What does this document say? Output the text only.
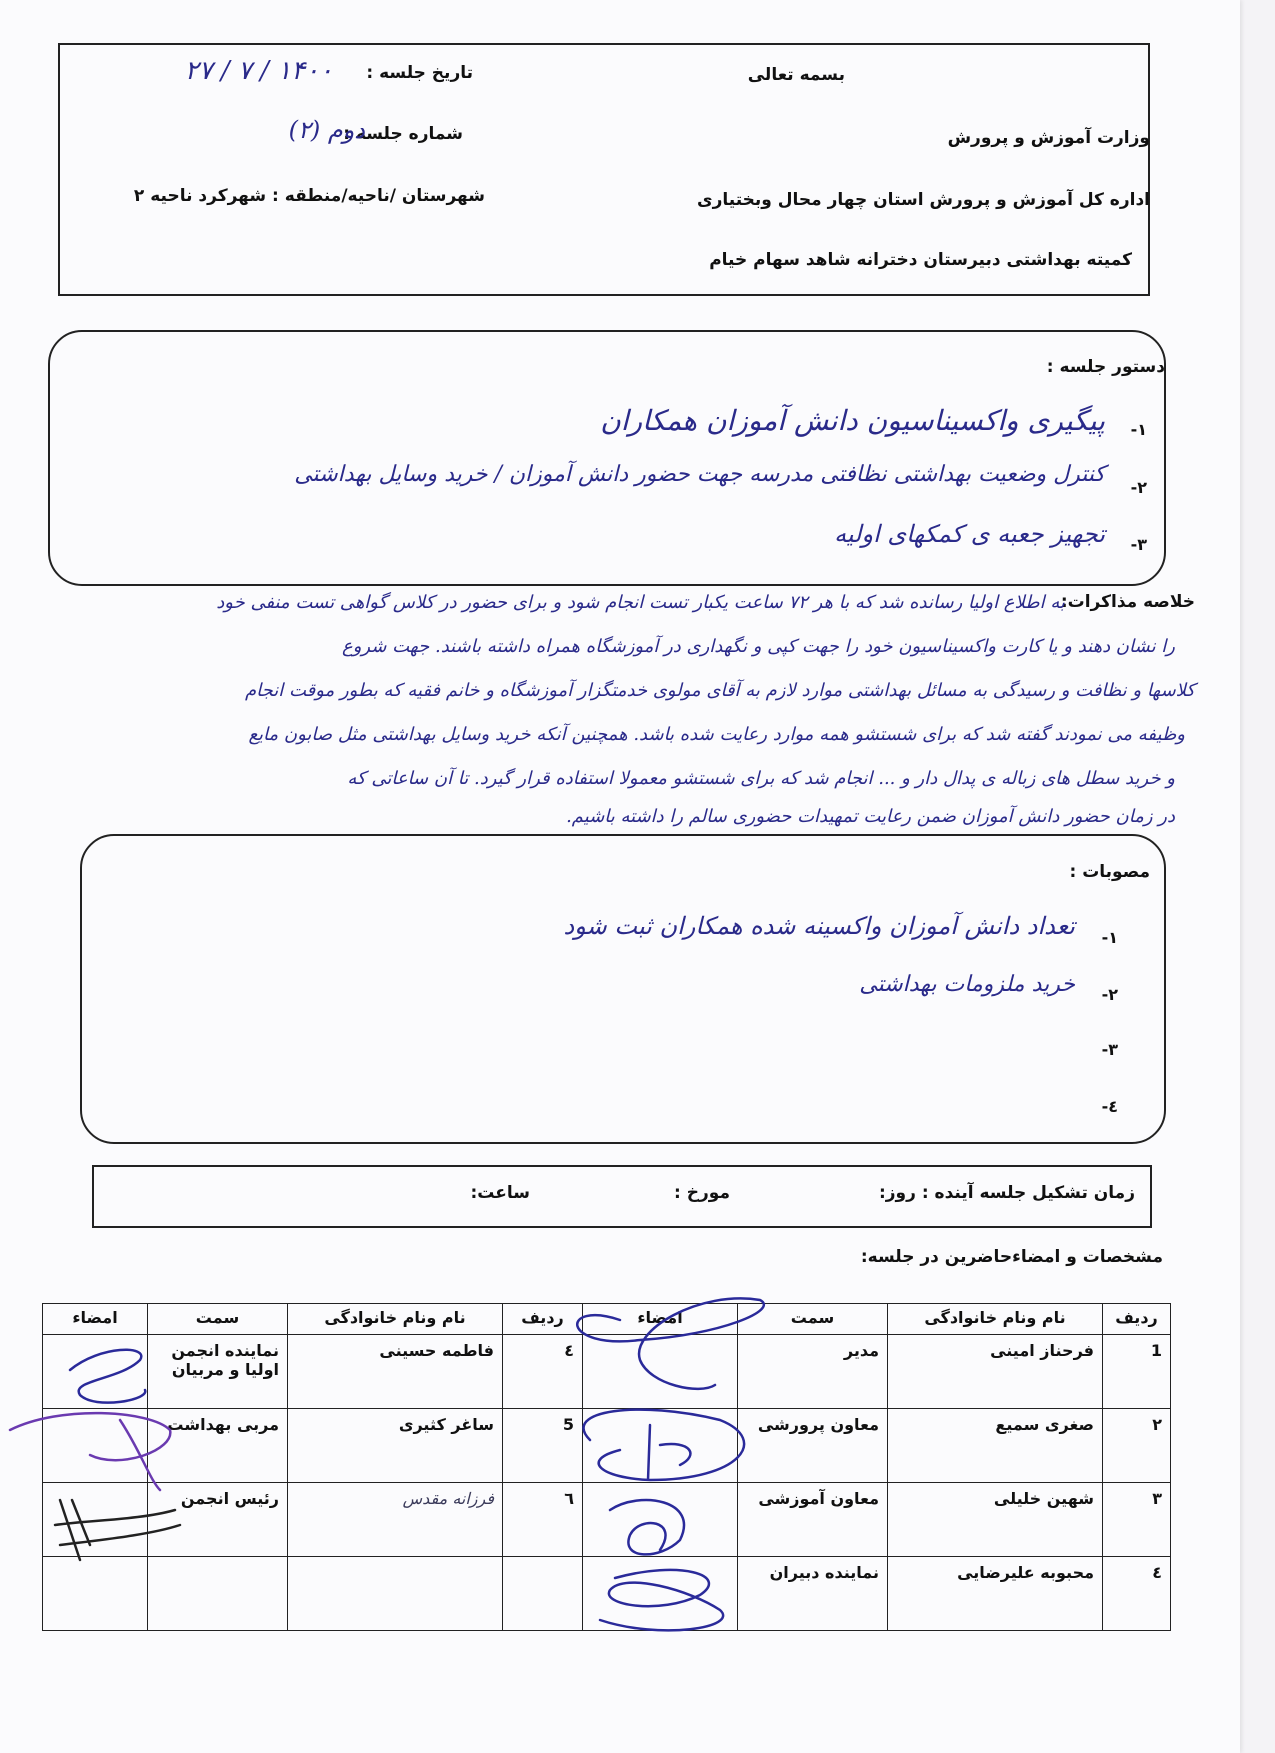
بسمه تعالی
وزارت آموزش و پرورش
اداره کل آموزش و پرورش استان چهار محال وبختیاری
کمیته بهداشتی دبیرستان دخترانه شاهد سهام خیام
تاریخ جلسه :
۱۴۰۰ / ۷ / ۲۷
شماره جلسه :
دوم (۲)
شهرستان /ناحیه/منطقه : شهرکرد ناحیه ۲
دستور جلسه :
۱-
پیگیری واکسیناسیون دانش آموزان همکاران
۲-
کنترل وضعیت بهداشتی نظافتی مدرسه جهت حضور دانش آموزان / خرید وسایل بهداشتی
۳-
تجهیز جعبه ی کمکهای اولیه
خلاصه مذاکرات:
به اطلاع اولیا رسانده شد که با هر ۷۲ ساعت یکبار تست انجام شود و برای حضور در کلاس گواهی تست منفی خود
را نشان دهند و یا کارت واکسیناسیون خود را جهت کپی و نگهداری در آموزشگاه همراه داشته باشند. جهت شروع
کلاسها و نظافت و رسیدگی به مسائل بهداشتی موارد لازم به آقای مولوی خدمتگزار آموزشگاه و خانم فقیه که بطور موقت انجام
وظیفه می نمودند گفته شد که برای شستشو همه موارد رعایت شده باشد. همچنین آنکه خرید وسایل بهداشتی مثل صابون مایع
و خرید سطل های زباله ی پدال دار و ... انجام شد که برای شستشو معمولا استفاده قرار گیرد. تا آن ساعاتی که
در زمان حضور دانش آموزان ضمن رعایت تمهیدات حضوری سالم را داشته باشیم.
مصوبات :
۱-
تعداد دانش آموزان واکسینه شده همکاران ثبت شود
۲-
خرید ملزومات بهداشتی
۳-
٤-
زمان تشکیل جلسه آینده : روز:
مورخ :
ساعت:
مشخصات و امضاءحاضرین در جلسه:
ردیف	نام ونام خانوادگی	سمت	امضاء	ردیف	نام ونام خانوادگی	سمت	امضاء
1	فرحناز امینی	مدیر		٤	فاطمه حسینی	نماینده انجمن اولیا و مربیان	
۲	صغری سمیع	معاون پرورشی		5	ساغر کثیری	مربی بهداشت	
۳	شهین خلیلی	معاون آموزشی		٦	فرزانه مقدس	رئیس انجمن	
٤	محبوبه علیرضایی	نماینده دبیران					
